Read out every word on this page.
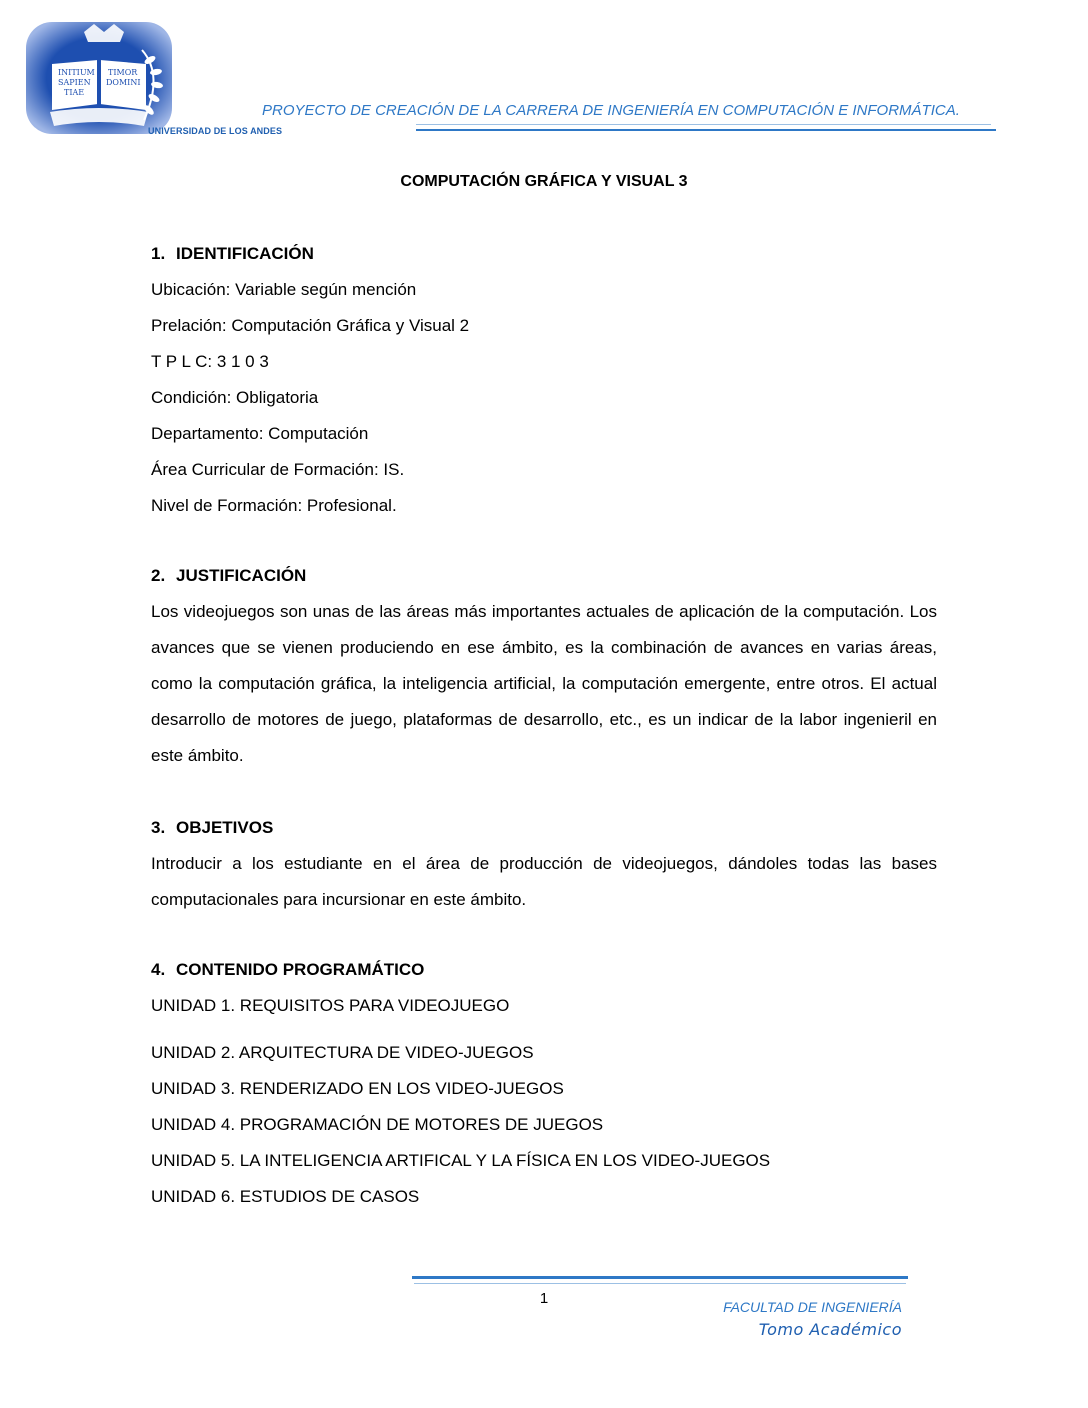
INITIUM
SAPIEN
TIAE
TIMOR
DOMINI
UNIVERSIDAD DE LOS ANDES
PROYECTO DE CREACIÓN DE LA CARRERA DE INGENIERÍA EN COMPUTACIÓN E INFORMÁTICA.
COMPUTACIÓN GRÁFICA Y VISUAL 3
1. IDENTIFICACIÓN
Ubicación: Variable según mención
Prelación: Computación Gráfica y Visual 2
T P L C: 3 1 0 3
Condición: Obligatoria
Departamento: Computación
Área Curricular de Formación: IS.
Nivel de Formación: Profesional.
2. JUSTIFICACIÓN
Los videojuegos son unas de las áreas más importantes actuales de aplicación de la computación. Los avances que se vienen produciendo en ese ámbito, es la combinación de avances en varias áreas, como la computación gráfica, la inteligencia artificial, la computación emergente, entre otros. El actual desarrollo de motores de juego, plataformas de desarrollo, etc., es un indicar de la labor ingenieril en este ámbito.
3. OBJETIVOS
Introducir a los estudiante en el área de producción de videojuegos, dándoles todas las bases computacionales para incursionar en este ámbito.
4. CONTENIDO PROGRAMÁTICO
UNIDAD 1. REQUISITOS PARA VIDEOJUEGO
UNIDAD 2. ARQUITECTURA DE VIDEO-JUEGOS
UNIDAD 3. RENDERIZADO EN LOS VIDEO-JUEGOS
UNIDAD 4. PROGRAMACIÓN DE MOTORES DE JUEGOS
UNIDAD 5. LA INTELIGENCIA ARTIFICAL Y LA FÍSICA EN LOS VIDEO-JUEGOS
UNIDAD 6. ESTUDIOS DE CASOS
1	FACULTAD DE INGENIERÍA
Tomo Académico
